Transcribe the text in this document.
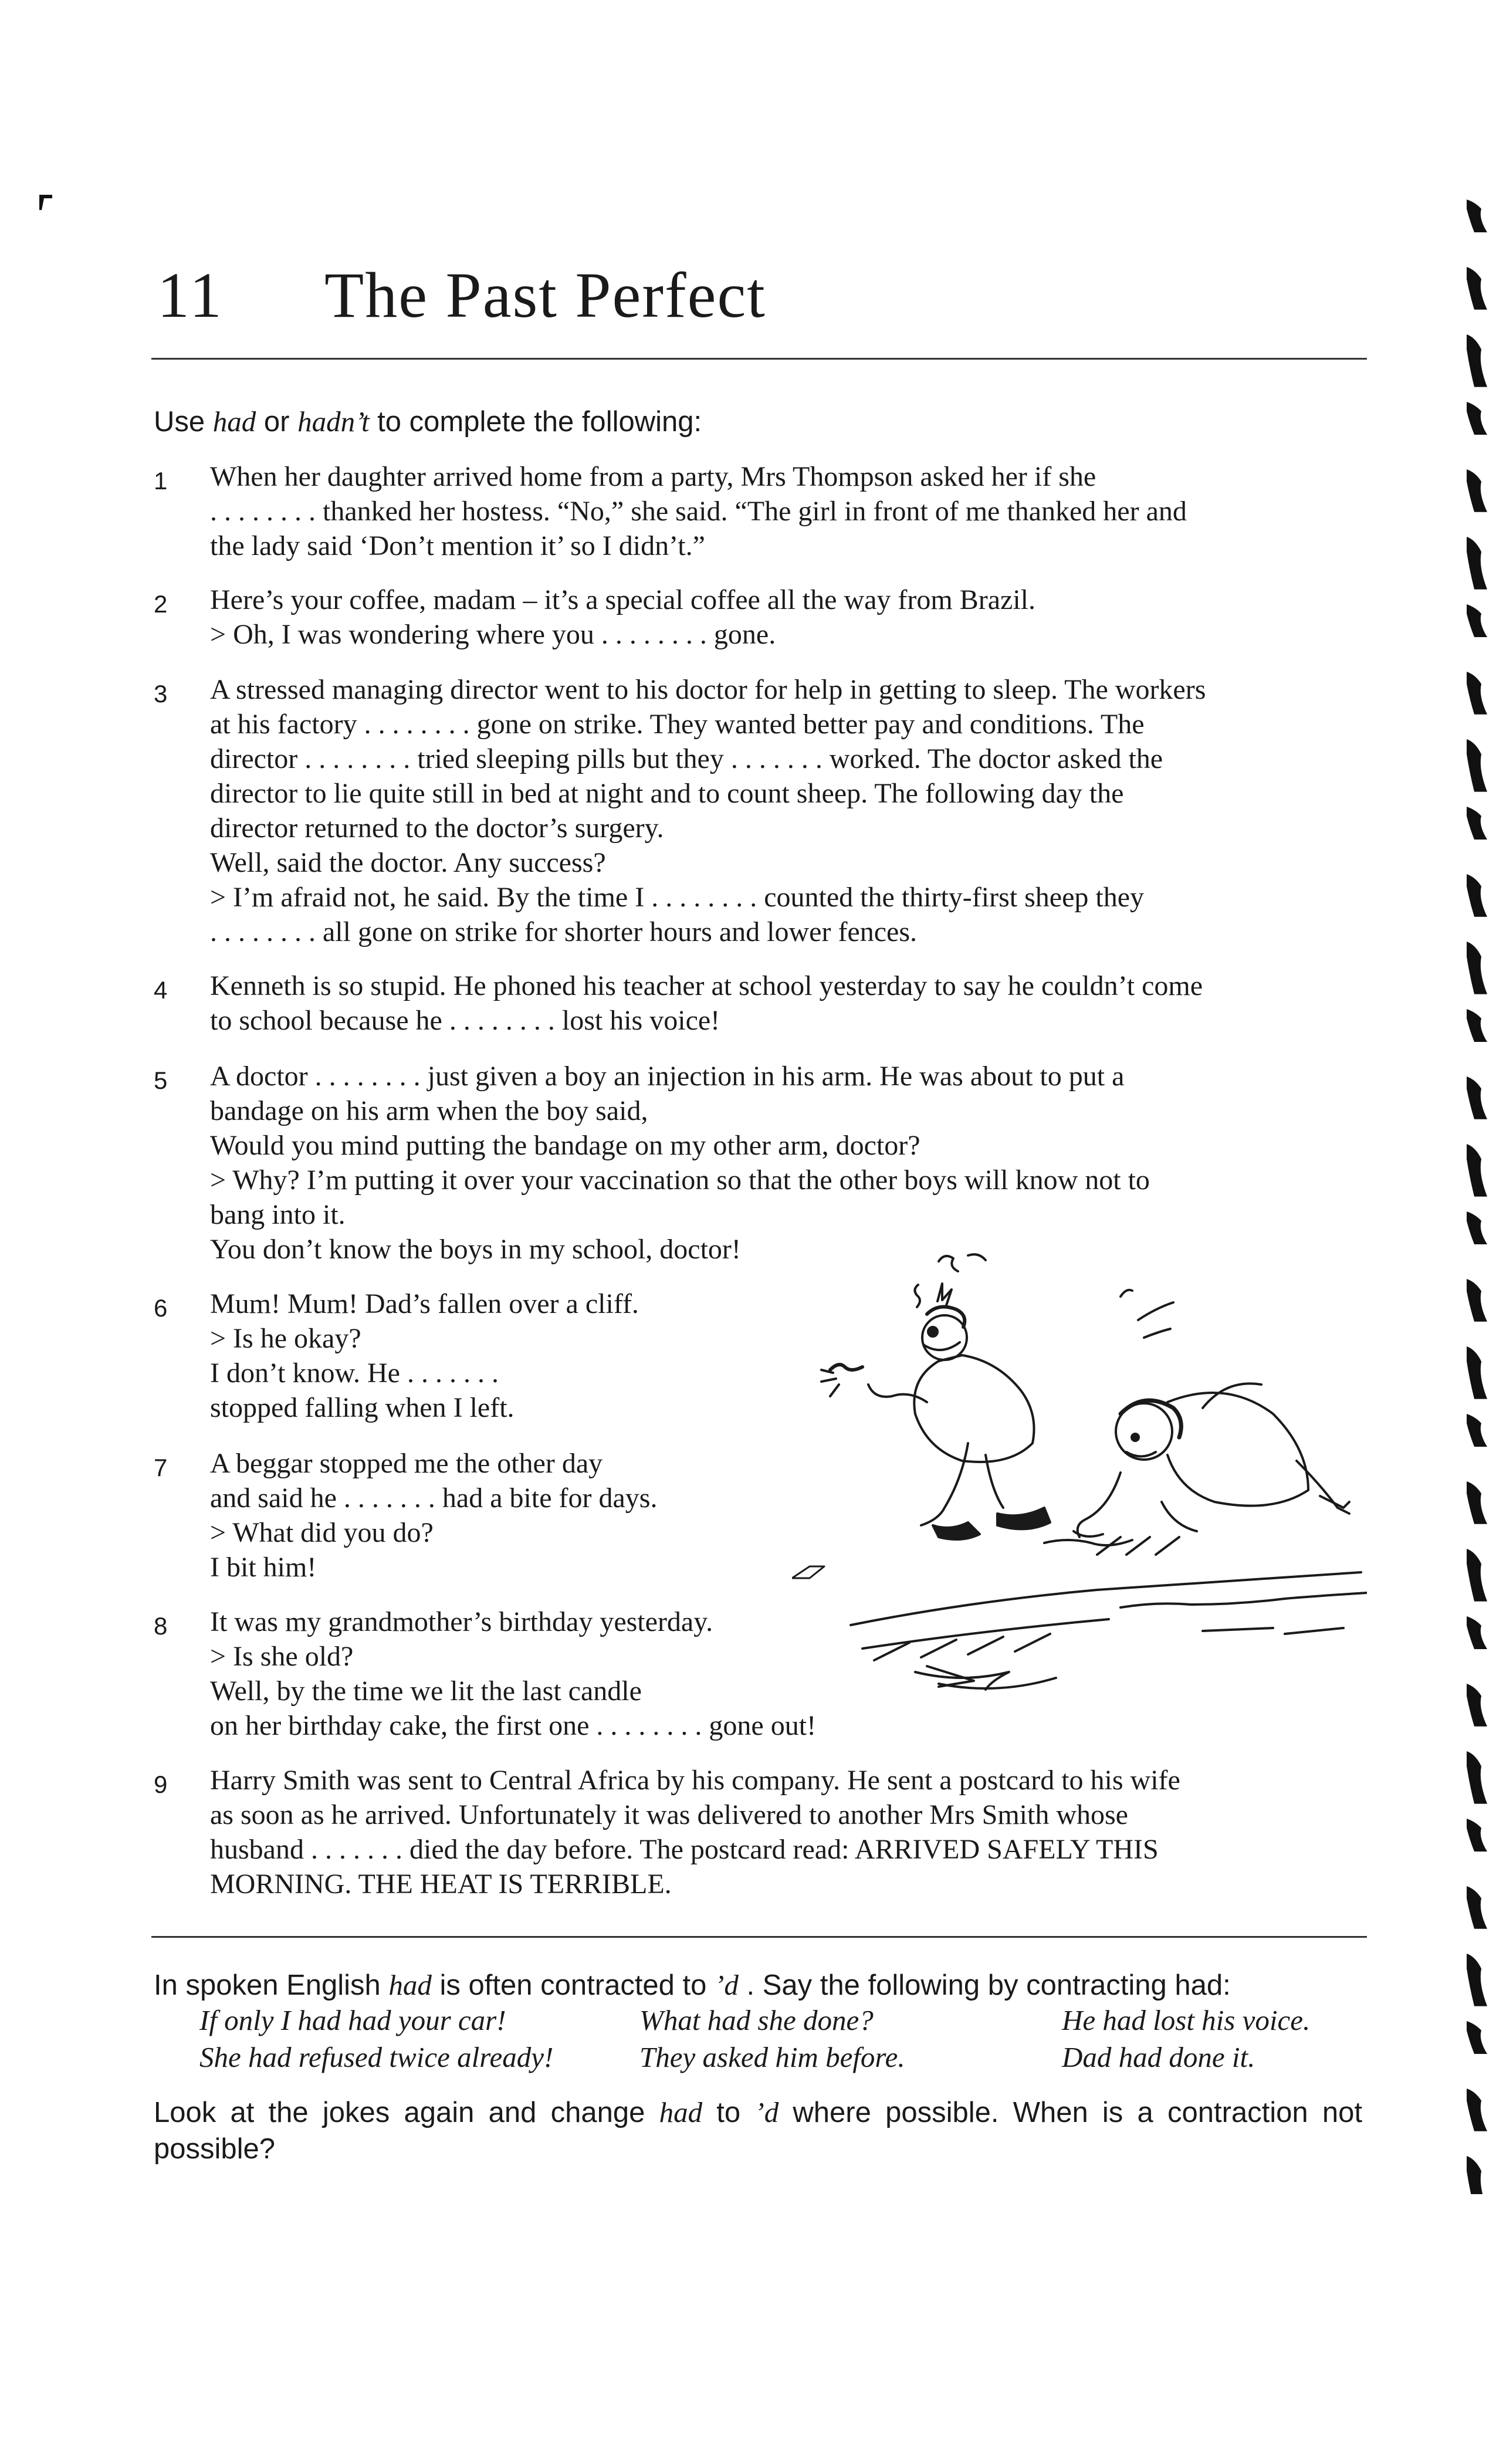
11 The Past Perfect
Use had or hadn’t to complete the following:
1 When her daughter arrived home from a party, Mrs Thompson asked her if she
. . . . . . . . thanked her hostess. “No,” she said. “The girl in front of me thanked her and
the lady said ‘Don’t mention it’ so I didn’t.”
2 Here’s your coffee, madam – it’s a special coffee all the way from Brazil.
> Oh, I was wondering where you . . . . . . . . gone.
3 A stressed managing director went to his doctor for help in getting to sleep. The workers
at his factory . . . . . . . . gone on strike. They wanted better pay and conditions. The
director . . . . . . . . tried sleeping pills but they . . . . . . . worked. The doctor asked the
director to lie quite still in bed at night and to count sheep. The following day the
director returned to the doctor’s surgery.
Well, said the doctor. Any success?
> I’m afraid not, he said. By the time I . . . . . . . . counted the thirty-first sheep they
. . . . . . . . all gone on strike for shorter hours and lower fences.
4 Kenneth is so stupid. He phoned his teacher at school yesterday to say he couldn’t come
to school because he . . . . . . . . lost his voice!
5 A doctor . . . . . . . . just given a boy an injection in his arm. He was about to put a
bandage on his arm when the boy said,
Would you mind putting the bandage on my other arm, doctor?
> Why? I’m putting it over your vaccination so that the other boys will know not to
bang into it.
You don’t know the boys in my school, doctor!
6 Mum! Mum! Dad’s fallen over a cliff.
> Is he okay?
I don’t know. He . . . . . . .
stopped falling when I left.
7 A beggar stopped me the other day
and said he . . . . . . . had a bite for days.
> What did you do?
I bit him!
8 It was my grandmother’s birthday yesterday.
> Is she old?
Well, by the time we lit the last candle
on her birthday cake, the first one . . . . . . . . gone out!
9 Harry Smith was sent to Central Africa by his company. He sent a postcard to his wife
as soon as he arrived. Unfortunately it was delivered to another Mrs Smith whose
husband . . . . . . . died the day before. The postcard read: ARRIVED SAFELY THIS
MORNING. THE HEAT IS TERRIBLE.
In spoken English had is often contracted to ’d . Say the following by contracting had:
If only I had had your car!	What had she done?	He had lost his voice.
She had refused twice already!	They asked him before.	Dad had done it.
Look at the jokes again and change had to ’d where possible. When is a contraction not possible?
